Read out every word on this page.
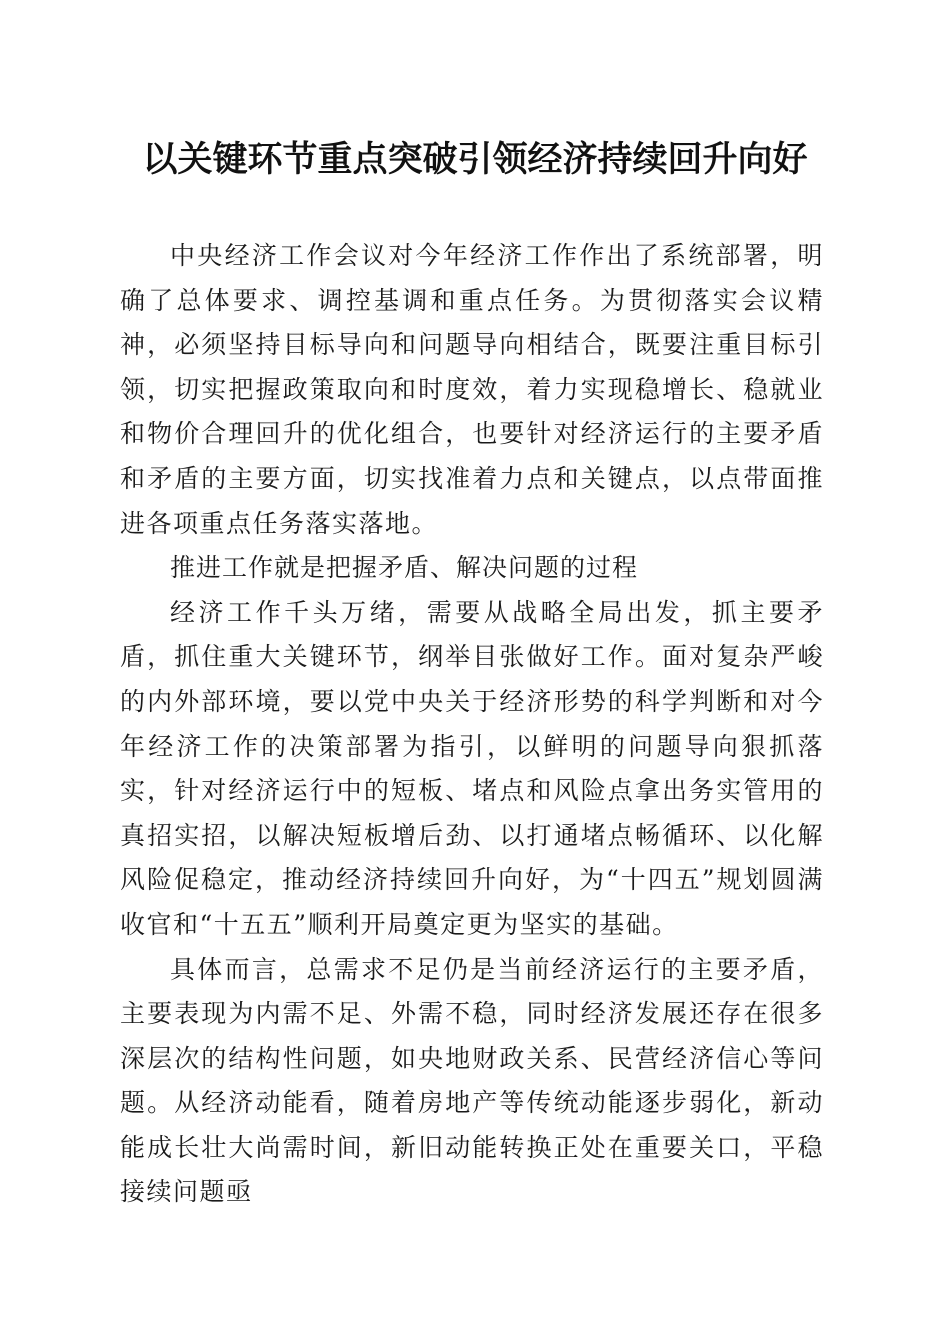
以关键环节重点突破引领经济持续回升向好

中央经济工作会议对今年经济工作作出了系统部署，明确了总体要求、调控基调和重点任务。为贯彻落实会议精神，必须坚持目标导向和问题导向相结合，既要注重目标引领，切实把握政策取向和时度效，着力实现稳增长、稳就业和物价合理回升的优化组合，也要针对经济运行的主要矛盾和矛盾的主要方面，切实找准着力点和关键点，以点带面推进各项重点任务落实落地。

推进工作就是把握矛盾、解决问题的过程

经济工作千头万绪，需要从战略全局出发，抓主要矛盾，抓住重大关键环节，纲举目张做好工作。面对复杂严峻的内外部环境，要以党中央关于经济形势的科学判断和对今年经济工作的决策部署为指引，以鲜明的问题导向狠抓落实，针对经济运行中的短板、堵点和风险点拿出务实管用的真招实招，以解决短板增后劲、以打通堵点畅循环、以化解风险促稳定，推动经济持续回升向好，为“十四五”规划圆满收官和“十五五”顺利开局奠定更为坚实的基础。

具体而言，总需求不足仍是当前经济运行的主要矛盾，主要表现为内需不足、外需不稳，同时经济发展还存在很多深层次的结构性问题，如央地财政关系、民营经济信心等问题。从经济动能看，随着房地产等传统动能逐步弱化，新动能成长壮大尚需时间，新旧动能转换正处在重要关口，平稳接续问题亟
